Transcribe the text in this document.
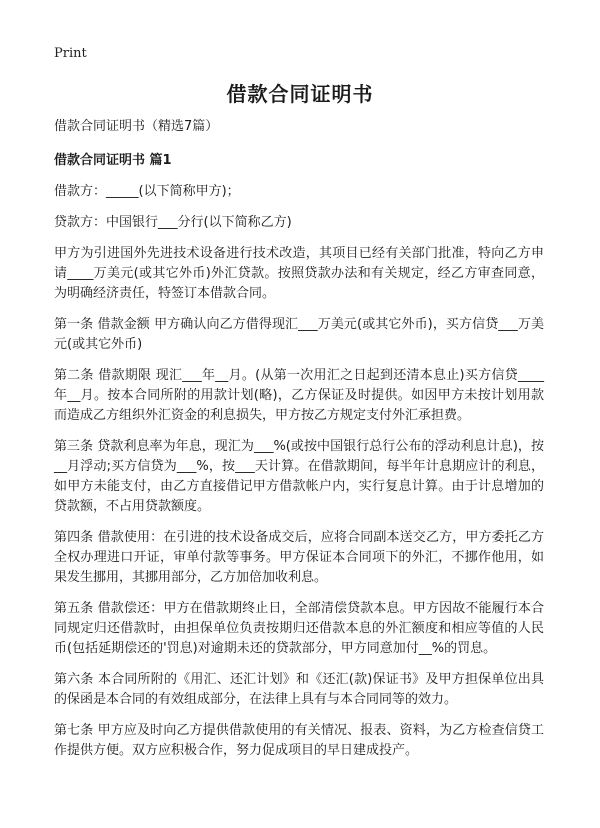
Print
借款合同证明书

借款合同证明书（精选7篇）

借款合同证明书 篇1

借款方：_____(以下简称甲方)；

贷款方：中国银行___分行(以下简称乙方)

甲方为引进国外先进技术设备进行技术改造，其项目已经有关部门批准，特向乙方申请____万美元(或其它外币)外汇贷款。按照贷款办法和有关规定，经乙方审查同意，为明确经济责任，特签订本借款合同。

第一条 借款金额 甲方确认向乙方借得现汇___万美元(或其它外币)，买方信贷___万美元(或其它外币)

第二条 借款期限 现汇___年__月。(从第一次用汇之日起到还清本息止)买方信贷____年__月。按本合同所附的用款计划(略)，乙方保证及时提供。如因甲方未按计划用款而造成乙方组织外汇资金的利息损失，甲方按乙方规定支付外汇承担费。

第三条 贷款利息率为年息，现汇为___%(或按中国银行总行公布的浮动利息计息)，按__月浮动;买方信贷为___%，按___天计算。在借款期间，每半年计息期应计的利息，如甲方未能支付，由乙方直接借记甲方借款帐户内，实行复息计算。由于计息增加的贷款额，不占用贷款额度。

第四条 借款使用：在引进的技术设备成交后，应将合同副本送交乙方，甲方委托乙方全权办理进口开证，审单付款等事务。甲方保证本合同项下的外汇，不挪作他用，如果发生挪用，其挪用部分，乙方加倍加收利息。

第五条 借款偿还：甲方在借款期终止日，全部清偿贷款本息。甲方因故不能履行本合同规定归还借款时，由担保单位负责按期归还借款本息的外汇额度和相应等值的人民币(包括延期偿还的'罚息)对逾期未还的贷款部分，甲方同意加付__%的罚息。

第六条 本合同所附的《用汇、还汇计划》和《还汇(款)保证书》及甲方担保单位出具的保函是本合同的有效组成部分，在法律上具有与本合同同等的效力。

第七条 甲方应及时向乙方提供借款使用的有关情况、报表、资料，为乙方检查信贷工作提供方便。双方应积极合作，努力促成项目的早日建成投产。
